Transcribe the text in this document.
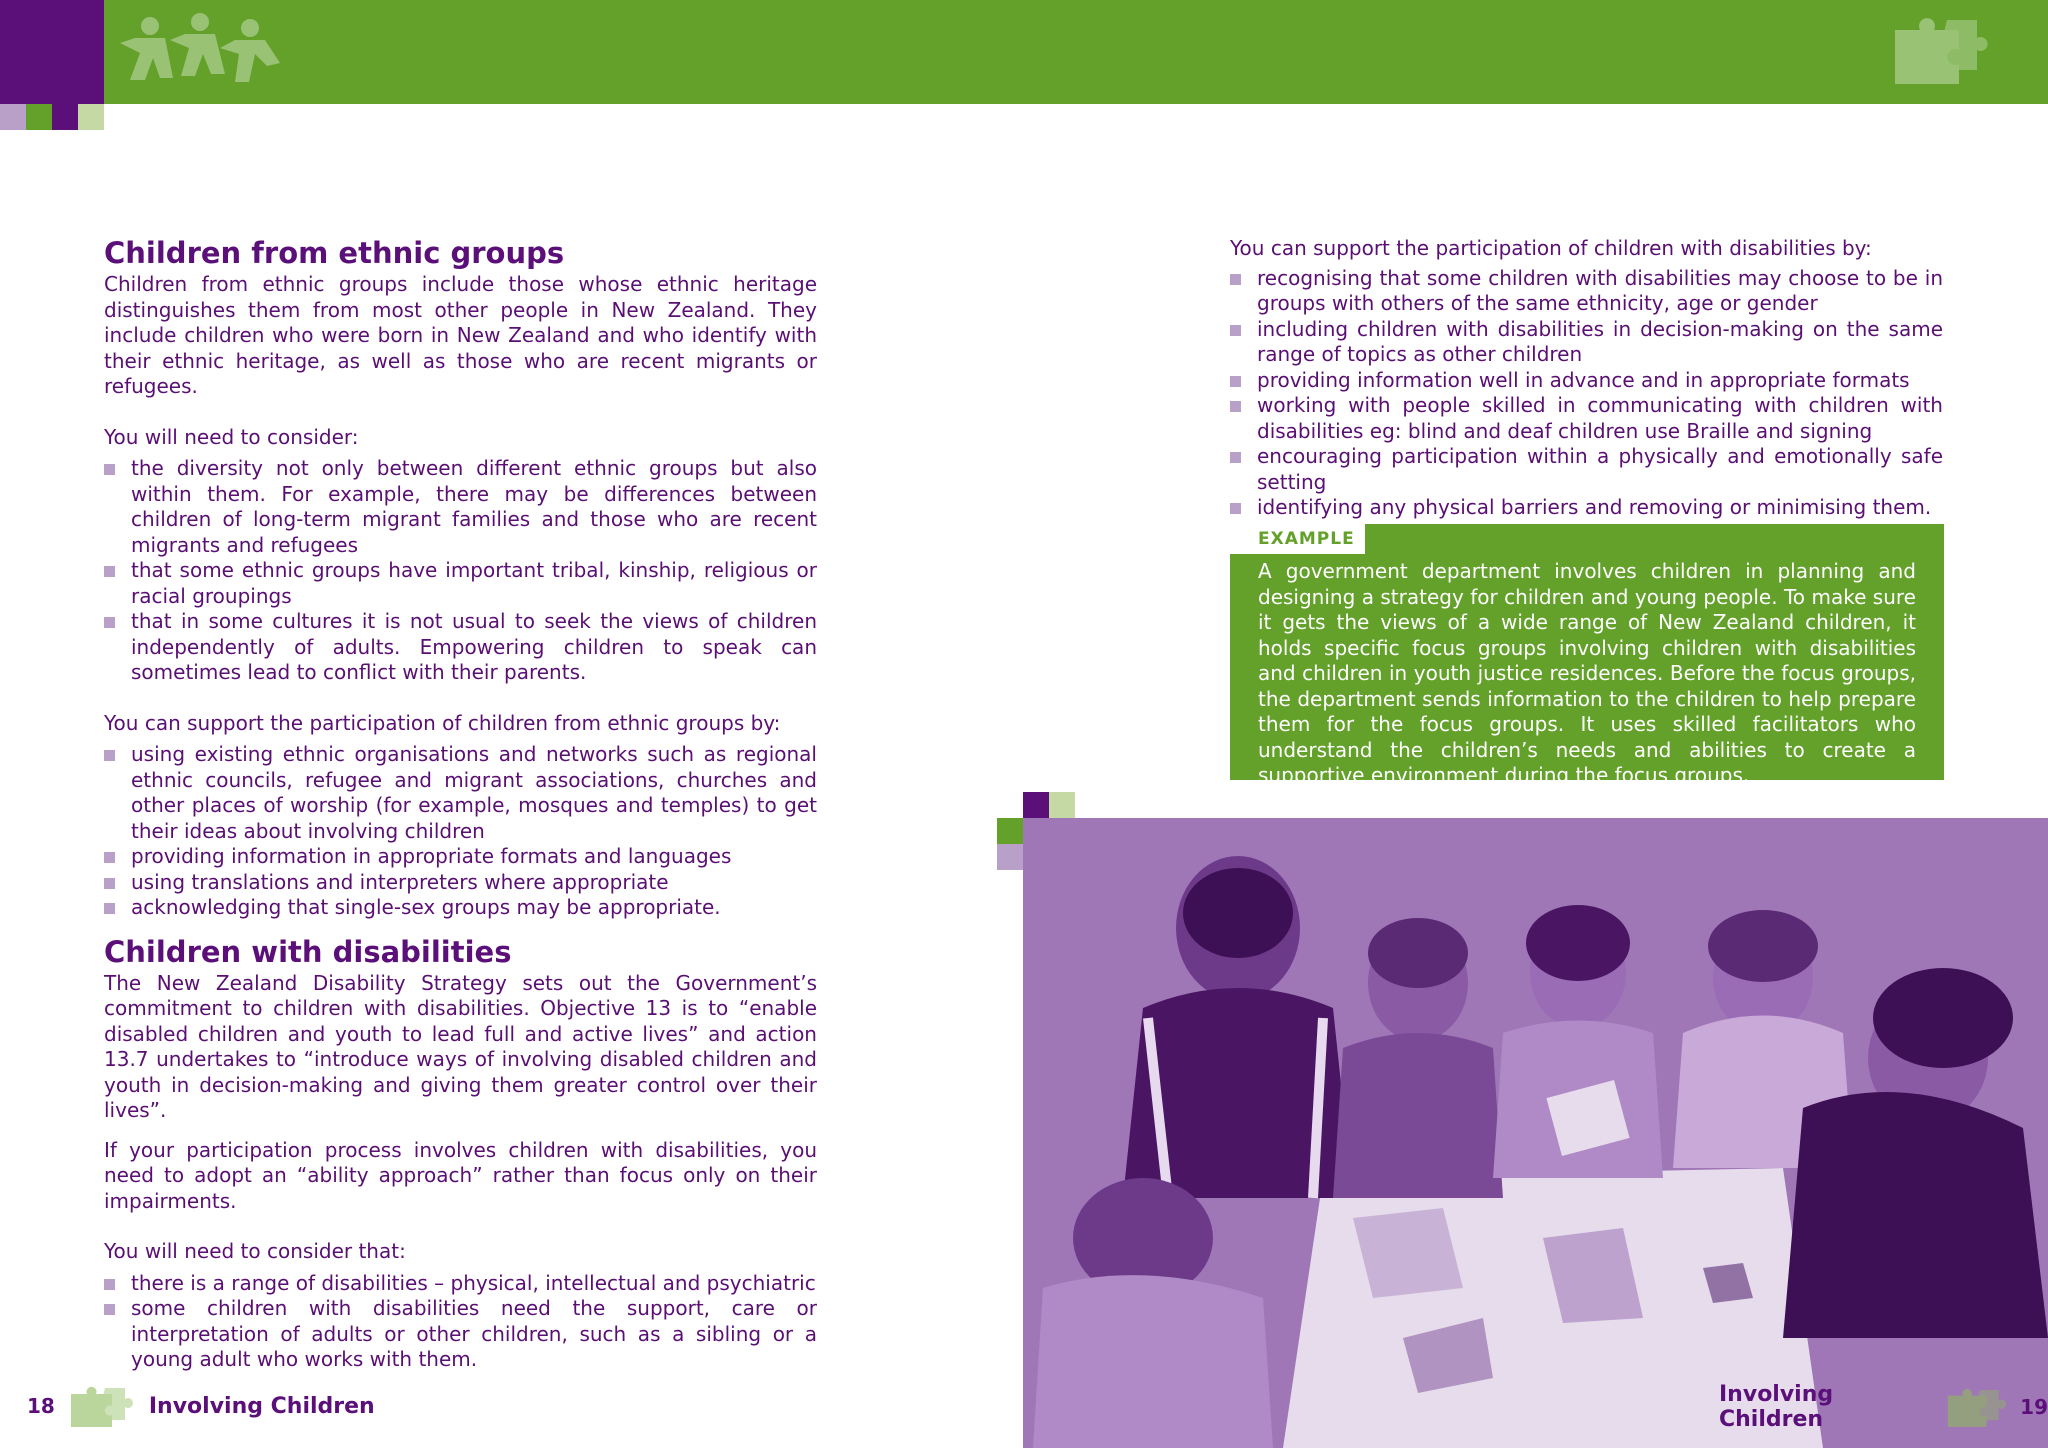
Children from ethnic groups

Children from ethnic groups include those whose ethnic heritage distinguishes them from most other people in New Zealand. They include children who were born in New Zealand and who identify with their ethnic heritage, as well as those who are recent migrants or refugees.

You will need to consider:

the diversity not only between different ethnic groups but also within them. For example, there may be differences between children of long-term migrant families and those who are recent migrants and refugees
that some ethnic groups have important tribal, kinship, religious or racial groupings
that in some cultures it is not usual to seek the views of children independently of adults. Empowering children to speak can sometimes lead to conflict with their parents.

You can support the participation of children from ethnic groups by:

using existing ethnic organisations and networks such as regional ethnic councils, refugee and migrant associations, churches and other places of worship (for example, mosques and temples) to get their ideas about involving children
providing information in appropriate formats and languages
using translations and interpreters where appropriate
acknowledging that single-sex groups may be appropriate.
Children with disabilities

The New Zealand Disability Strategy sets out the Government’s commitment to children with disabilities. Objective 13 is to “enable disabled children and youth to lead full and active lives” and action 13.7 undertakes to “introduce ways of involving disabled children and youth in decision-making and giving them greater control over their lives”.

If your participation process involves children with disabilities, you need to adopt an “ability approach” rather than focus only on their impairments.

You will need to consider that:

there is a range of disabilities – physical, intellectual and psychiatric
some children with disabilities need the support, care or interpretation of adults or other children, such as a sibling or a young adult who works with them.

You can support the participation of children with disabilities by:

recognising that some children with disabilities may choose to be in groups with others of the same ethnicity, age or gender
including children with disabilities in decision-making on the same range of topics as other children
providing information well in advance and in appropriate formats
working with people skilled in communicating with children with disabilities eg: blind and deaf children use Braille and signing
encouraging participation within a physically and emotionally safe setting
identifying any physical barriers and removing or minimising them.
EXAMPLE
A government department involves children in planning and designing a strategy for children and young people. To make sure it gets the views of a wide range of New Zealand children, it holds specific focus groups involving children with disabilities and children in youth justice residences. Before the focus groups, the department sends information to the children to help prepare them for the focus groups. It uses skilled facilitators who understand the children’s needs and abilities to create a supportive environment during the focus groups.
18	Involving Children	Involving Children	19
